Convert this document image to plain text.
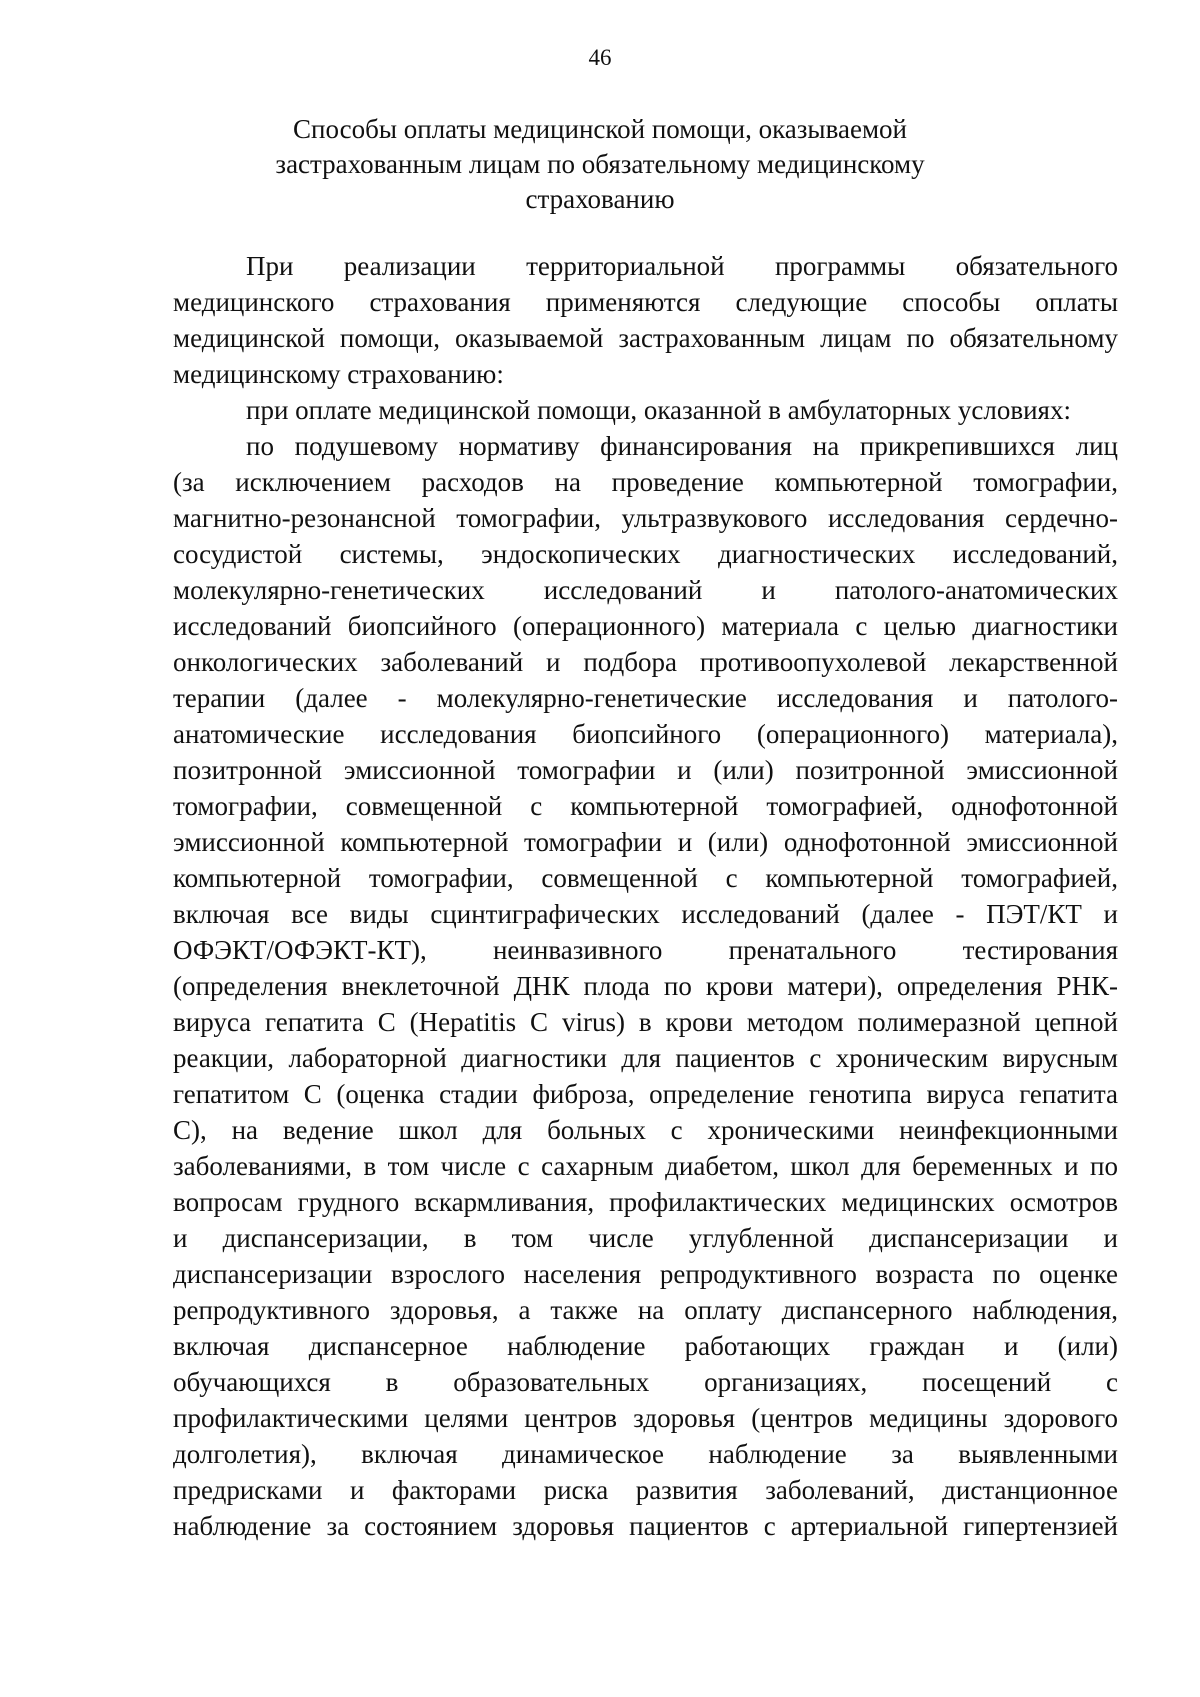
46
Способы оплаты медицинской помощи, оказываемой
застрахованным лицам по обязательному медицинскому
страхованию
При реализации территориальной программы обязательного
медицинского страхования применяются следующие способы оплаты
медицинской помощи, оказываемой застрахованным лицам по обязательному
медицинскому страхованию:
при оплате медицинской помощи, оказанной в амбулаторных условиях:
по подушевому нормативу финансирования на прикрепившихся лиц
(за исключением расходов на проведение компьютерной томографии,
магнитно-резонансной томографии, ультразвукового исследования сердечно-
сосудистой системы, эндоскопических диагностических исследований,
молекулярно-генетических исследований и патолого-анатомических
исследований биопсийного (операционного) материала с целью диагностики
онкологических заболеваний и подбора противоопухолевой лекарственной
терапии (далее - молекулярно-генетические исследования и патолого-
анатомические исследования биопсийного (операционного) материала),
позитронной эмиссионной томографии и (или) позитронной эмиссионной
томографии, совмещенной с компьютерной томографией, однофотонной
эмиссионной компьютерной томографии и (или) однофотонной эмиссионной
компьютерной томографии, совмещенной с компьютерной томографией,
включая все виды сцинтиграфических исследований (далее - ПЭТ/КТ и
ОФЭКТ/ОФЭКТ-КТ), неинвазивного пренатального тестирования
(определения внеклеточной ДНК плода по крови матери), определения РНК-
вируса гепатита С (Hepatitis C virus) в крови методом полимеразной цепной
реакции, лабораторной диагностики для пациентов с хроническим вирусным
гепатитом С (оценка стадии фиброза, определение генотипа вируса гепатита
С), на ведение школ для больных с хроническими неинфекционными
заболеваниями, в том числе с сахарным диабетом, школ для беременных и по
вопросам грудного вскармливания, профилактических медицинских осмотров
и диспансеризации, в том числе углубленной диспансеризации и
диспансеризации взрослого населения репродуктивного возраста по оценке
репродуктивного здоровья, а также на оплату диспансерного наблюдения,
включая диспансерное наблюдение работающих граждан и (или)
обучающихся в образовательных организациях, посещений с
профилактическими целями центров здоровья (центров медицины здорового
долголетия), включая динамическое наблюдение за выявленными
предрисками и факторами риска развития заболеваний, дистанционное
наблюдение за состоянием здоровья пациентов с артериальной гипертензией
